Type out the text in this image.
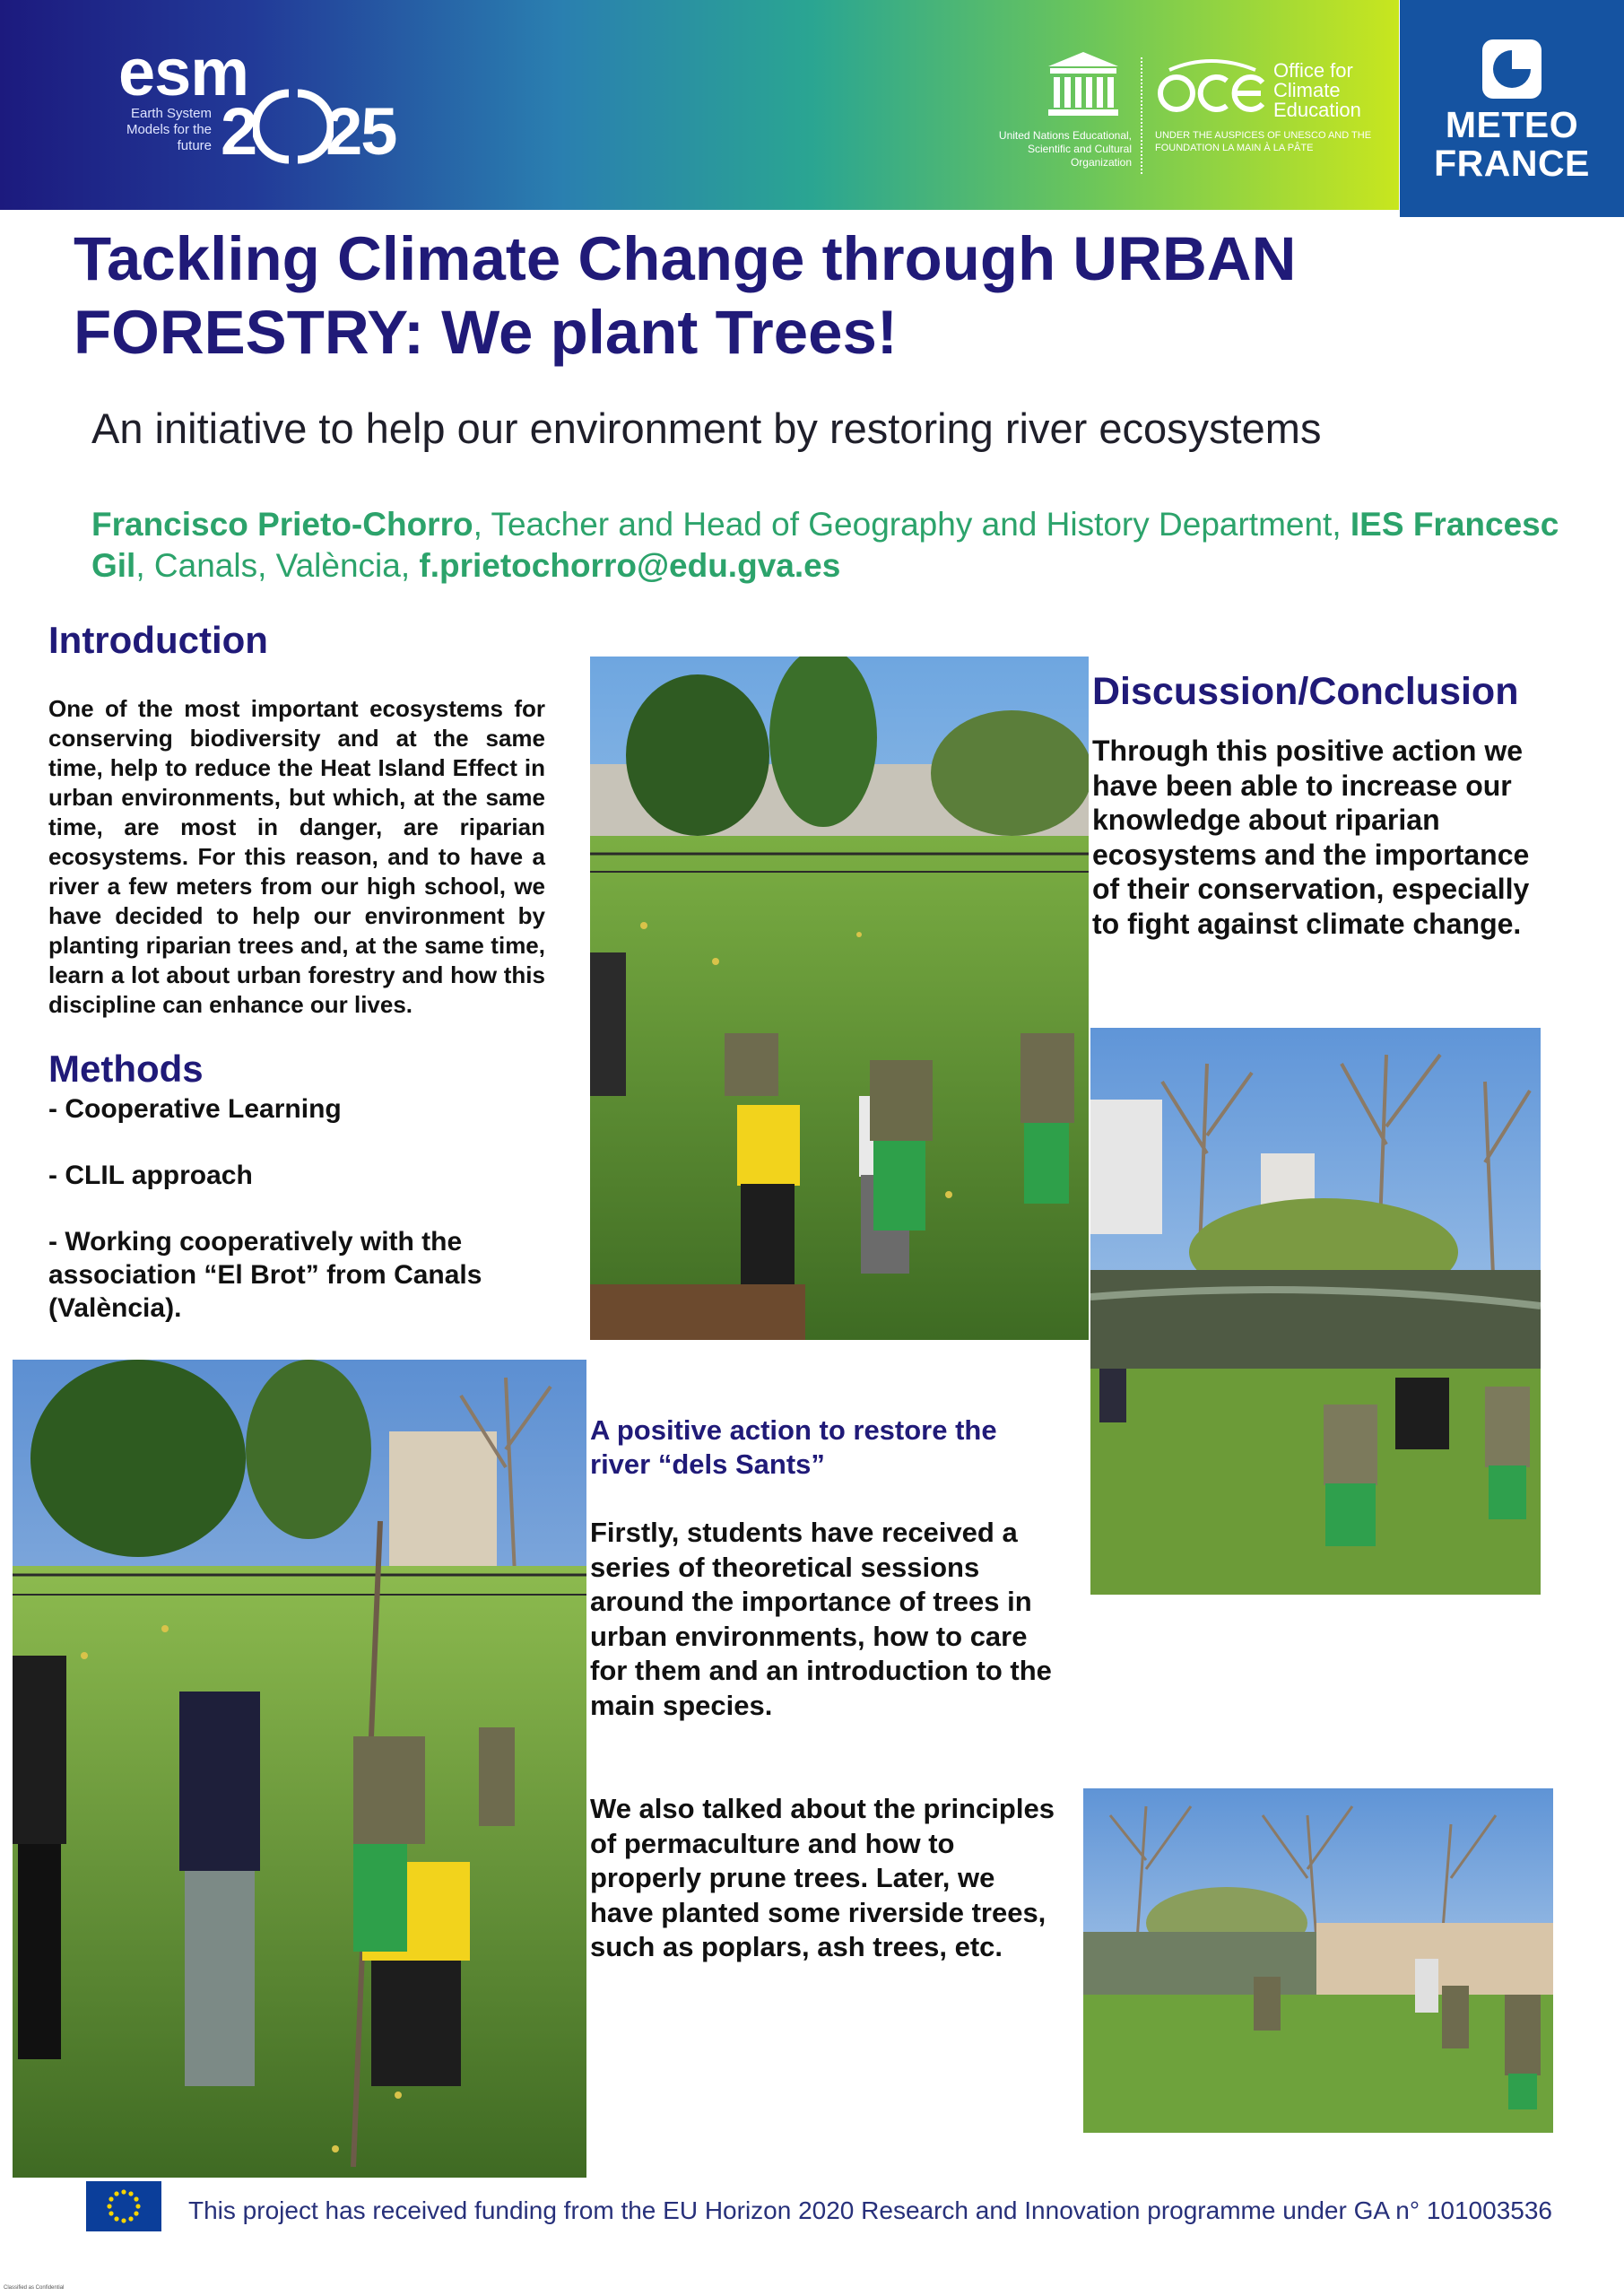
Earth System Models for the future
esm
2 25	United Nations Educational, Scientific and Cultural Organization
Office for Climate Education
UNDER THE AUSPICES OF UNESCO AND THE FOUNDATION LA MAIN À LA PÂTE
METEO FRANCE
Tackling Climate Change through URBAN FORESTRY: We plant Trees!
An initiative to help our environment by restoring river ecosystems
Francisco Prieto-Chorro, Teacher and Head of Geography and History Department, IES Francesc Gil, Canals, València, f.prietochorro@edu.gva.es
Introduction
One of the most important ecosystems for conserving biodiversity and at the same time, help to reduce the Heat Island Effect in urban environments, but which, at the same time, are most in danger, are riparian ecosystems. For this reason, and to have a river a few meters from our high school, we have decided to help our environment by planting riparian trees and, at the same time, learn a lot about urban forestry and how this discipline can enhance our lives.
Methods
- Cooperative Learning
- CLIL approach
- Working cooperatively with the association “El Brot” from Canals (València).
Discussion/Conclusion
Through this positive action we have been able to increase our knowledge about riparian ecosystems and the importance of their conservation, especially to fight against climate change.
A positive action to restore the river “dels Sants”
Firstly, students have received a series of theoretical sessions around the importance of trees in urban environments, how to care for them and an introduction to the main species.
We also talked about the principles of permaculture and how to properly prune trees. Later, we have planted some riverside trees, such as poplars, ash trees, etc.
This project has received funding from the EU Horizon 2020 Research and Innovation programme under GA n° 101003536
Classified as Confidential
